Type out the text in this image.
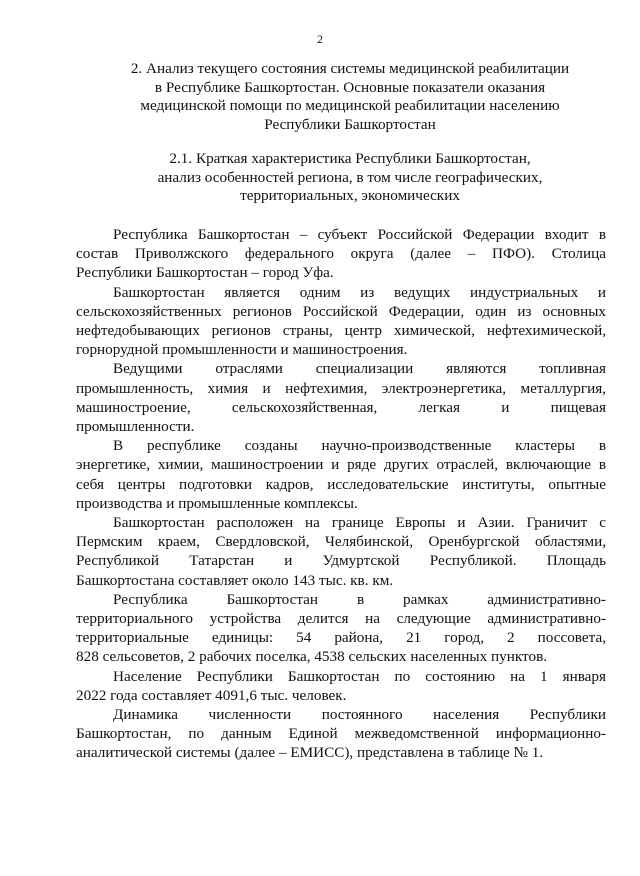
2
2. Анализ текущего состояния системы медицинской реабилитации
в Республике Башкортостан. Основные показатели оказания
медицинской помощи по медицинской реабилитации населению
Республики Башкортостан
2.1. Краткая характеристика Республики Башкортостан,
анализ особенностей региона, в том числе географических,
территориальных, экономических

Республика Башкортостан – субъект Российской Федерации входит в
состав Приволжского федерального округа (далее – ПФО). Столица
Республики Башкортостан – город Уфа.

Башкортостан является одним из ведущих индустриальных и
сельскохозяйственных регионов Российской Федерации, один из основных
нефтедобывающих регионов страны, центр химической, нефтехимической,
горнорудной промышленности и машиностроения.

Ведущими отраслями специализации являются топливная
промышленность, химия и нефтехимия, электроэнергетика, металлургия,
машиностроение, сельскохозяйственная, легкая и пищевая
промышленности.

В республике созданы научно-производственные кластеры в
энергетике, химии, машиностроении и ряде других отраслей, включающие в
себя центры подготовки кадров, исследовательские институты, опытные
производства и промышленные комплексы.

Башкортостан расположен на границе Европы и Азии. Граничит с
Пермским краем, Свердловской, Челябинской, Оренбургской областями,
Республикой Татарстан и Удмуртской Республикой. Площадь
Башкортостана составляет около 143 тыс. кв. км.

Республика Башкортостан в рамках административно-
территориального устройства делится на следующие административно-
территориальные единицы: 54 района, 21 город, 2 поссовета,
828 сельсоветов, 2 рабочих поселка, 4538 сельских населенных пунктов.

Население Республики Башкортостан по состоянию на 1 января
2022 года составляет 4091,6 тыс. человек.

Динамика численности постоянного населения Республики
Башкортостан, по данным Единой межведомственной информационно-
аналитической системы (далее – ЕМИСС), представлена в таблице № 1.
